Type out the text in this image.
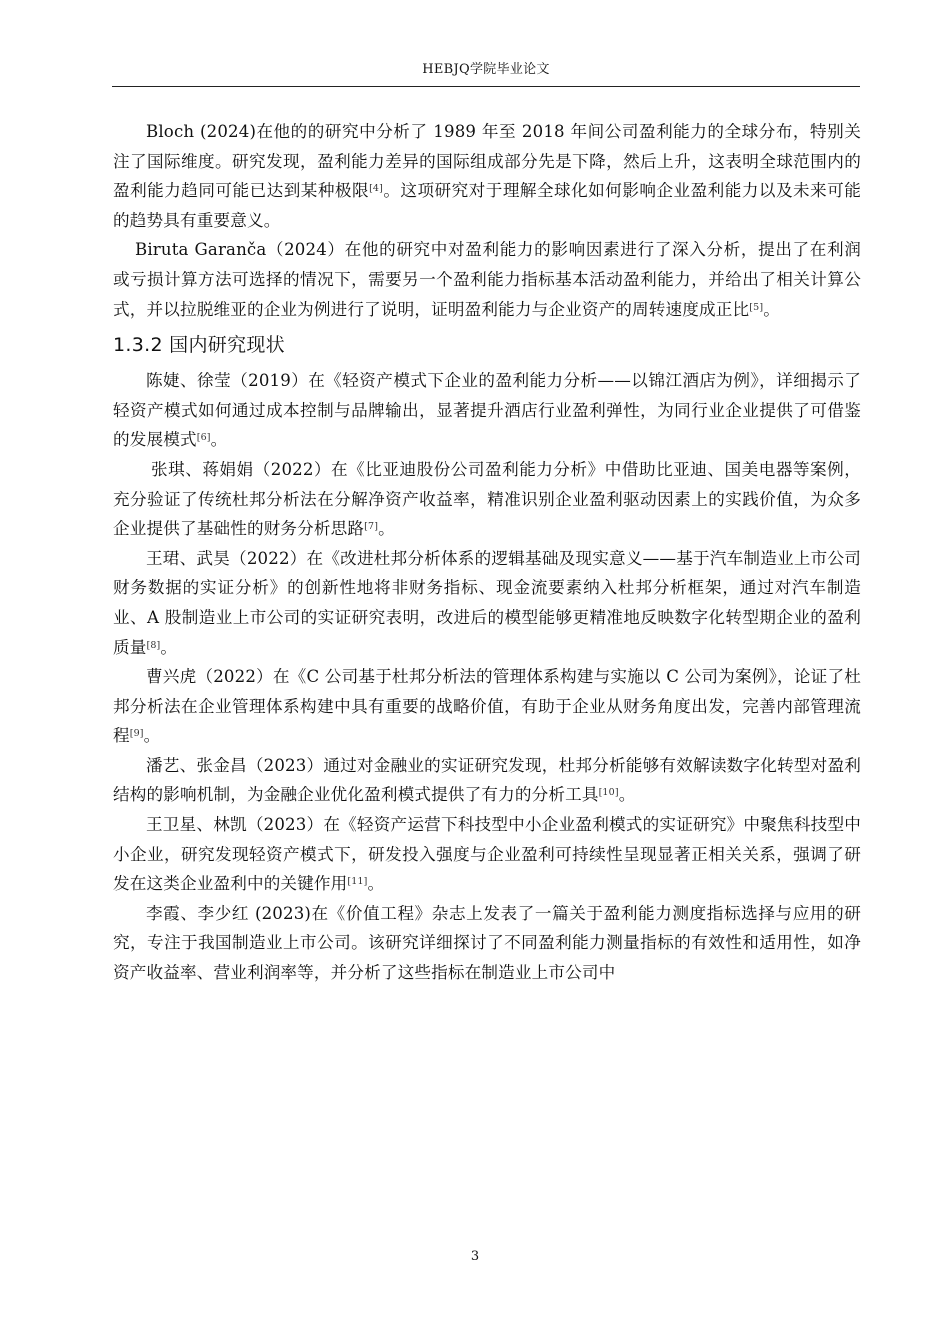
HEBJQ学院毕业论文

Bloch (2024)在他的的研究中分析了 1989 年至 2018 年间公司盈利能力的全球分布，特别关注了国际维度。研究发现，盈利能力差异的国际组成部分先是下降，然后上升，这表明全球范围内的盈利能力趋同可能已达到某种极限[4]。这项研究对于理解全球化如何影响企业盈利能力以及未来可能的趋势具有重要意义。

Biruta Garanča（2024）在他的研究中对盈利能力的影响因素进行了深入分析，提出了在利润或亏损计算方法可选择的情况下，需要另一个盈利能力指标基本活动盈利能力，并给出了相关计算公式，并以拉脱维亚的企业为例进行了说明，证明盈利能力与企业资产的周转速度成正比[5]。

1.3.2 国内研究现状

陈婕、徐莹（2019）在《轻资产模式下企业的盈利能力分析——以锦江酒店为例》，详细揭示了轻资产模式如何通过成本控制与品牌输出，显著提升酒店行业盈利弹性，为同行业企业提供了可借鉴的发展模式[6]。

张琪、蒋娟娟（2022）在《比亚迪股份公司盈利能力分析》中借助比亚迪、国美电器等案例，充分验证了传统杜邦分析法在分解净资产收益率，精准识别企业盈利驱动因素上的实践价值，为众多企业提供了基础性的财务分析思路[7]。

王珺、武昊（2022）在《改进杜邦分析体系的逻辑基础及现实意义——基于汽车制造业上市公司财务数据的实证分析》的创新性地将非财务指标、现金流要素纳入杜邦分析框架，通过对汽车制造业、A 股制造业上市公司的实证研究表明，改进后的模型能够更精准地反映数字化转型期企业的盈利质量[8]。

曹兴虎（2022）在《C 公司基于杜邦分析法的管理体系构建与实施以 C 公司为案例》，论证了杜邦分析法在企业管理体系构建中具有重要的战略价值，有助于企业从财务角度出发，完善内部管理流程[9]。

潘艺、张金昌（2023）通过对金融业的实证研究发现，杜邦分析能够有效解读数字化转型对盈利结构的影响机制，为金融企业优化盈利模式提供了有力的分析工具[10]。

王卫星、林凯（2023）在《轻资产运营下科技型中小企业盈利模式的实证研究》中聚焦科技型中小企业，研究发现轻资产模式下，研发投入强度与企业盈利可持续性呈现显著正相关关系，强调了研发在这类企业盈利中的关键作用[11]。

李霞、李少红 (2023)在《价值工程》杂志上发表了一篇关于盈利能力测度指标选择与应用的研究，专注于我国制造业上市公司。该研究详细探讨了不同盈利能力测量指标的有效性和适用性，如净资产收益率、营业利润率等，并分析了这些指标在制造业上市公司中

3
